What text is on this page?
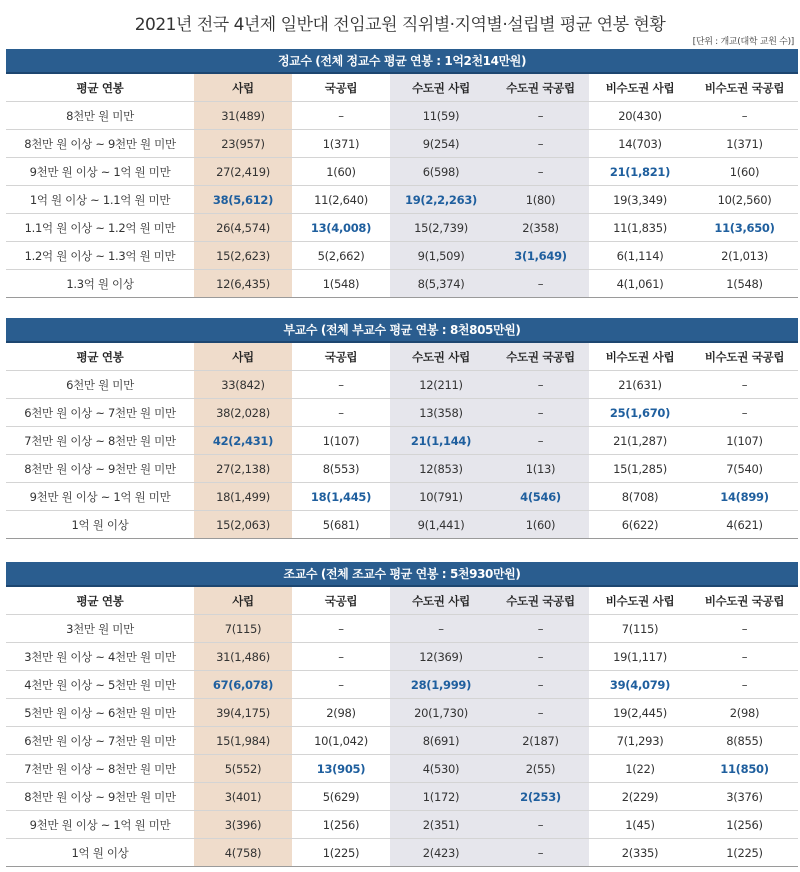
2021년 전국 4년제 일반대 전임교원 직위별·지역별·설립별 평균 연봉 현황
[단위 : 개교(대학 교원 수)]
정교수 (전체 정교수 평균 연봉 : 1억2천14만원)
평균 연봉	사립	국공립	수도권 사립	수도권 국공립	비수도권 사립	비수도권 국공립
8천만 원 미만	31(489)	–	11(59)	–	20(430)	–
8천만 원 이상 ~ 9천만 원 미만	23(957)	1(371)	9(254)	–	14(703)	1(371)
9천만 원 이상 ~ 1억 원 미만	27(2,419)	1(60)	6(598)	–	21(1,821)	1(60)
1억 원 이상 ~ 1.1억 원 미만	38(5,612)	11(2,640)	19(2,2,263)	1(80)	19(3,349)	10(2,560)
1.1억 원 이상 ~ 1.2억 원 미만	26(4,574)	13(4,008)	15(2,739)	2(358)	11(1,835)	11(3,650)
1.2억 원 이상 ~ 1.3억 원 미만	15(2,623)	5(2,662)	9(1,509)	3(1,649)	6(1,114)	2(1,013)
1.3억 원 이상	12(6,435)	1(548)	8(5,374)	–	4(1,061)	1(548)
부교수 (전체 부교수 평균 연봉 : 8천805만원)
평균 연봉	사립	국공립	수도권 사립	수도권 국공립	비수도권 사립	비수도권 국공립
6천만 원 미만	33(842)	–	12(211)	–	21(631)	–
6천만 원 이상 ~ 7천만 원 미만	38(2,028)	–	13(358)	–	25(1,670)	–
7천만 원 이상 ~ 8천만 원 미만	42(2,431)	1(107)	21(1,144)	–	21(1,287)	1(107)
8천만 원 이상 ~ 9천만 원 미만	27(2,138)	8(553)	12(853)	1(13)	15(1,285)	7(540)
9천만 원 이상 ~ 1억 원 미만	18(1,499)	18(1,445)	10(791)	4(546)	8(708)	14(899)
1억 원 이상	15(2,063)	5(681)	9(1,441)	1(60)	6(622)	4(621)
조교수 (전체 조교수 평균 연봉 : 5천930만원)
평균 연봉	사립	국공립	수도권 사립	수도권 국공립	비수도권 사립	비수도권 국공립
3천만 원 미만	7(115)	–	–	–	7(115)	–
3천만 원 이상 ~ 4천만 원 미만	31(1,486)	–	12(369)	–	19(1,117)	–
4천만 원 이상 ~ 5천만 원 미만	67(6,078)	–	28(1,999)	–	39(4,079)	–
5천만 원 이상 ~ 6천만 원 미만	39(4,175)	2(98)	20(1,730)	–	19(2,445)	2(98)
6천만 원 이상 ~ 7천만 원 미만	15(1,984)	10(1,042)	8(691)	2(187)	7(1,293)	8(855)
7천만 원 이상 ~ 8천만 원 미만	5(552)	13(905)	4(530)	2(55)	1(22)	11(850)
8천만 원 이상 ~ 9천만 원 미만	3(401)	5(629)	1(172)	2(253)	2(229)	3(376)
9천만 원 이상 ~ 1억 원 미만	3(396)	1(256)	2(351)	–	1(45)	1(256)
1억 원 이상	4(758)	1(225)	2(423)	–	2(335)	1(225)
